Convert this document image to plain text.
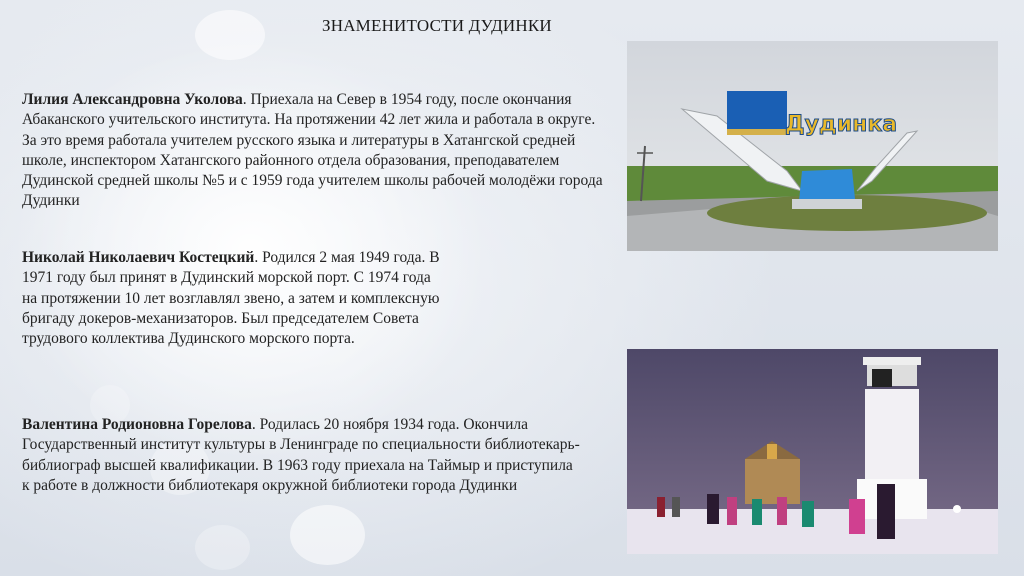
ЗНАМЕНИТОСТИ ДУДИНКИ
Лилия Александровна Уколова. Приехала на Север в 1954 году, после окончания Абаканского учительского института. На протяжении 42 лет жила и работала в округе. За это время работала учителем русского языка и литературы в Хатангской средней школе, инспектором Хатангского районного отдела образования, преподавателем Дудинской средней школы №5 и с 1959 года учителем школы рабочей молодёжи города Дудинки
Николай Николаевич Костецкий. Родился 2 мая 1949 года. В 1971 году был принят в Дудинский морской порт. С 1974 года на протяжении 10 лет возглавлял звено, а затем и комплексную бригаду докеров-механизаторов. Был председателем Совета трудового коллектива Дудинского морского порта.
Валентина Родионовна Горелова. Родилась 20 ноября 1934 года. Окончила Государственный институт культуры в Ленинграде по специальности библиотекарь-библиограф высшей квалификации. В 1963 году приехала на Таймыр и приступила к работе в должности библиотекаря окружной библиотеки города Дудинки
Дудинка
